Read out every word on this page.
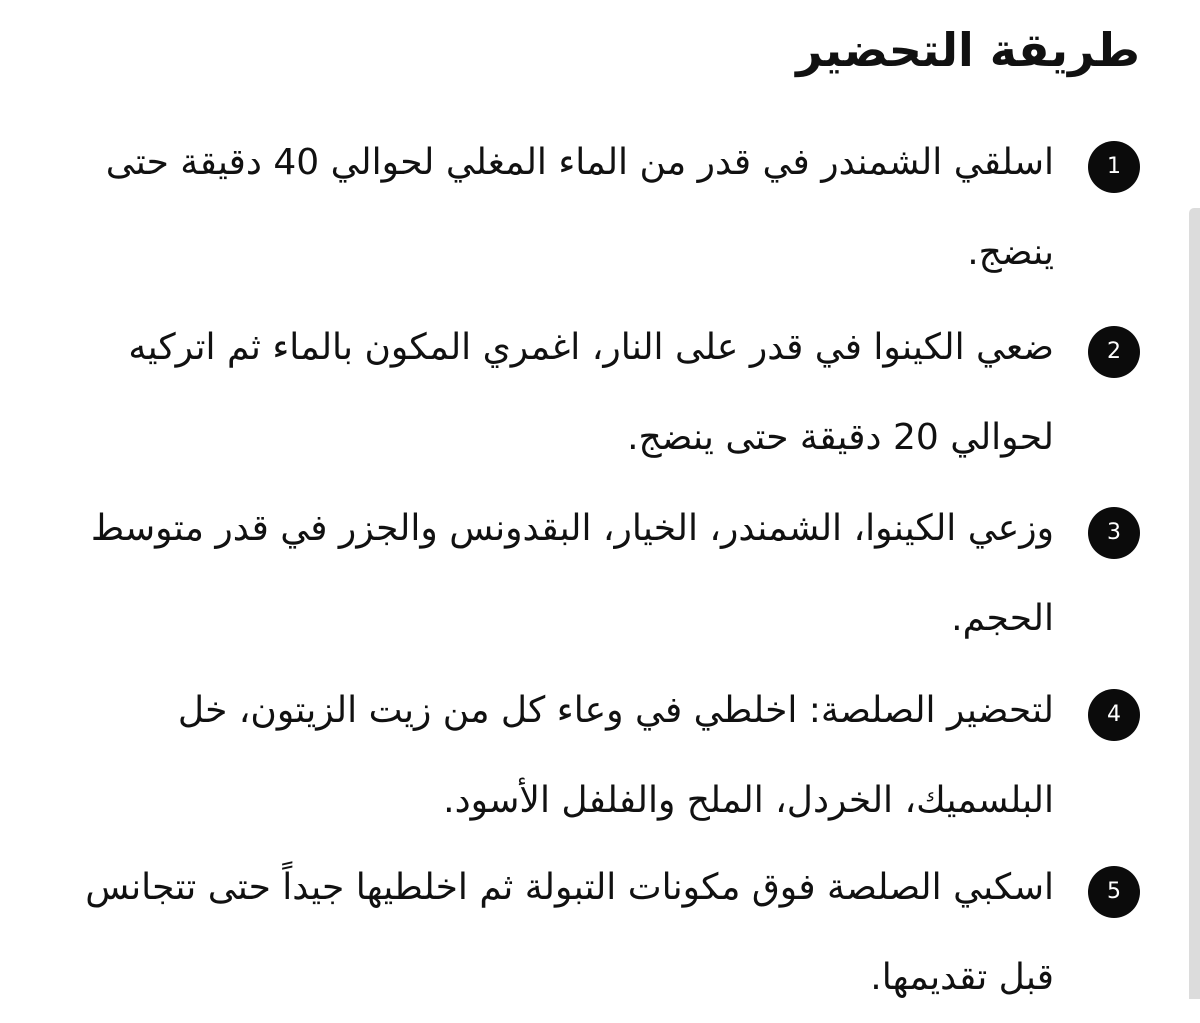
طريقة التحضير
1

اسلقي الشمندر في قدر من الماء المغلي لحوالي 40 دقيقة حتى ينضج.

2

ضعي الكينوا في قدر على النار، اغمري المكون بالماء ثم اتركيه لحوالي 20 دقيقة حتى ينضج.

3

وزعي الكينوا، الشمندر، الخيار، البقدونس والجزر في قدر متوسط الحجم.

4

لتحضير الصلصة: اخلطي في وعاء كل من زيت الزيتون، خل البلسميك، الخردل، الملح والفلفل الأسود.

5

اسكبي الصلصة فوق مكونات التبولة ثم اخلطيها جيداً حتى تتجانس قبل تقديمها.
